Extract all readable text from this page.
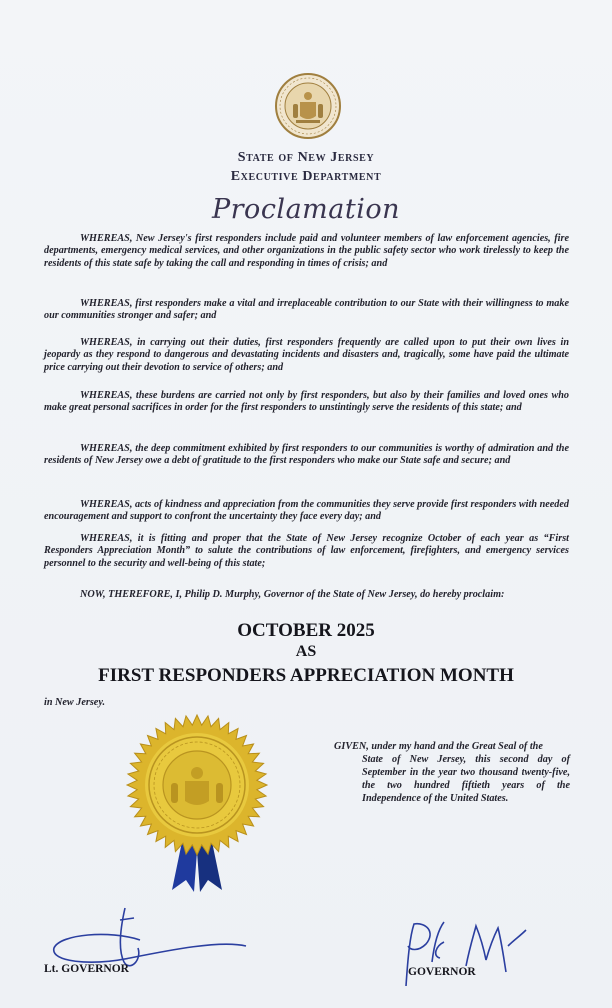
State of New Jersey
Executive Department
Proclamation

WHEREAS, New Jersey's first responders include paid and volunteer members of law enforcement agencies, fire departments, emergency medical services, and other organizations in the public safety sector who work tirelessly to keep the residents of this state safe by taking the call and responding in times of crisis; and

WHEREAS, first responders make a vital and irreplaceable contribution to our State with their willingness to make our communities stronger and safer; and

WHEREAS, in carrying out their duties, first responders frequently are called upon to put their own lives in jeopardy as they respond to dangerous and devastating incidents and disasters and, tragically, some have paid the ultimate price carrying out their devotion to service of others; and

WHEREAS, these burdens are carried not only by first responders, but also by their families and loved ones who make great personal sacrifices in order for the first responders to unstintingly serve the residents of this state; and

WHEREAS, the deep commitment exhibited by first responders to our communities is worthy of admiration and the residents of New Jersey owe a debt of gratitude to the first responders who make our State safe and secure; and

WHEREAS, acts of kindness and appreciation from the communities they serve provide first responders with needed encouragement and support to confront the uncertainty they face every day; and

WHEREAS, it is fitting and proper that the State of New Jersey recognize October of each year as “First Responders Appreciation Month” to salute the contributions of law enforcement, firefighters, and emergency services personnel to the security and well-being of this state;

NOW, THEREFORE, I, Philip D. Murphy, Governor of the State of New Jersey, do hereby proclaim:
OCTOBER 2025
AS
FIRST RESPONDERS APPRECIATION MONTH
in New Jersey.
GIVEN, under my hand and the Great Seal of the
State of New Jersey, this second day of September in the year two thousand twenty-five, the two hundred fiftieth years of the Independence of the United States.
Lt. GOVERNOR	GOVERNOR
